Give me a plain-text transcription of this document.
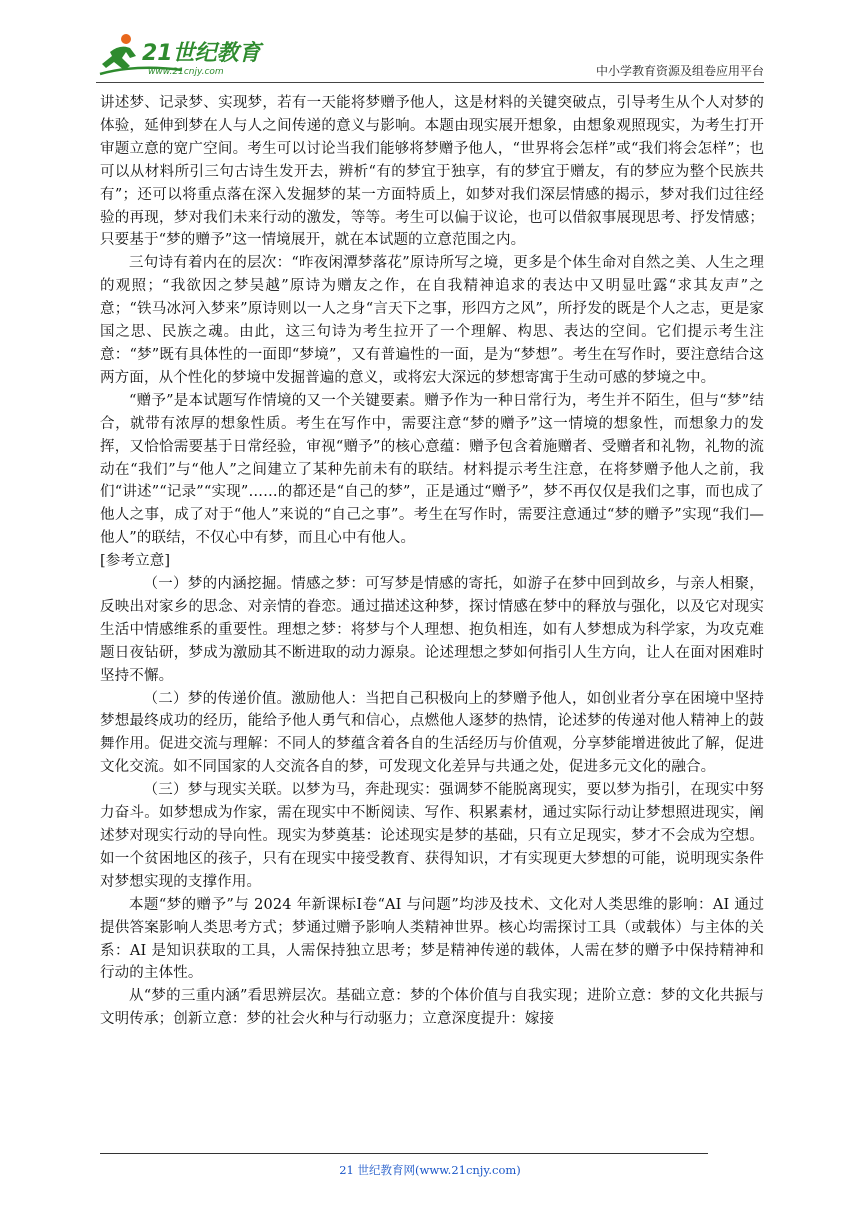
21世纪教育
www.21cnjy.com	中小学教育资源及组卷应用平台

讲述梦、记录梦、实现梦，若有一天能将梦赠予他人，这是材料的关键突破点，引导考生从个人对梦的体验，延伸到梦在人与人之间传递的意义与影响。本题由现实展开想象，由想象观照现实，为考生打开审题立意的宽广空间。考生可以讨论当我们能够将梦赠予他人，“世界将会怎样”或“我们将会怎样”；也可以从材料所引三句古诗生发开去，辨析“有的梦宜于独享，有的梦宜于赠友，有的梦应为整个民族共有”；还可以将重点落在深入发掘梦的某一方面特质上，如梦对我们深层情感的揭示，梦对我们过往经验的再现，梦对我们未来行动的激发，等等。考生可以偏于议论，也可以借叙事展现思考、抒发情感；只要基于“梦的赠予”这一情境展开，就在本试题的立意范围之内。

三句诗有着内在的层次：“昨夜闲潭梦落花”原诗所写之境，更多是个体生命对自然之美、人生之理的观照；“我欲因之梦吴越”原诗为赠友之作，在自我精神追求的表达中又明显吐露“求其友声”之意；“铁马冰河入梦来”原诗则以一人之身“言天下之事，形四方之风”，所抒发的既是个人之志，更是家国之思、民族之魂。由此，这三句诗为考生拉开了一个理解、构思、表达的空间。它们提示考生注意：“梦”既有具体性的一面即“梦境”，又有普遍性的一面，是为“梦想”。考生在写作时，要注意结合这两方面，从个性化的梦境中发掘普遍的意义，或将宏大深远的梦想寄寓于生动可感的梦境之中。

“赠予”是本试题写作情境的又一个关键要素。赠予作为一种日常行为，考生并不陌生，但与“梦”结合，就带有浓厚的想象性质。考生在写作中，需要注意“梦的赠予”这一情境的想象性，而想象力的发挥，又恰恰需要基于日常经验，审视“赠予”的核心意蕴：赠予包含着施赠者、受赠者和礼物，礼物的流动在“我们”与“他人”之间建立了某种先前未有的联结。材料提示考生注意，在将梦赠予他人之前，我们“讲述”“记录”“实现”……的都还是“自己的梦”，正是通过“赠予”，梦不再仅仅是我们之事，而也成了他人之事，成了对于“他人”来说的“自己之事”。考生在写作时，需要注意通过“梦的赠予”实现“我们—他人”的联结，不仅心中有梦，而且心中有他人。

[参考立意]

（一）梦的内涵挖掘。情感之梦：可写梦是情感的寄托，如游子在梦中回到故乡，与亲人相聚，反映出对家乡的思念、对亲情的眷恋。通过描述这种梦，探讨情感在梦中的释放与强化，以及它对现实生活中情感维系的重要性。理想之梦：将梦与个人理想、抱负相连，如有人梦想成为科学家，为攻克难题日夜钻研，梦成为激励其不断进取的动力源泉。论述理想之梦如何指引人生方向，让人在面对困难时坚持不懈。

（二）梦的传递价值。激励他人：当把自己积极向上的梦赠予他人，如创业者分享在困境中坚持梦想最终成功的经历，能给予他人勇气和信心，点燃他人逐梦的热情，论述梦的传递对他人精神上的鼓舞作用。促进交流与理解：不同人的梦蕴含着各自的生活经历与价值观，分享梦能增进彼此了解，促进文化交流。如不同国家的人交流各自的梦，可发现文化差异与共通之处，促进多元文化的融合。

（三）梦与现实关联。以梦为马，奔赴现实：强调梦不能脱离现实，要以梦为指引，在现实中努力奋斗。如梦想成为作家，需在现实中不断阅读、写作、积累素材，通过实际行动让梦想照进现实，阐述梦对现实行动的导向性。现实为梦奠基：论述现实是梦的基础，只有立足现实，梦才不会成为空想。如一个贫困地区的孩子，只有在现实中接受教育、获得知识，才有实现更大梦想的可能，说明现实条件对梦想实现的支撑作用。

本题“梦的赠予”与 2024 年新课标Ⅰ卷“AI 与问题”均涉及技术、文化对人类思维的影响：AI 通过提供答案影响人类思考方式；梦通过赠予影响人类精神世界。核心均需探讨工具（或载体）与主体的关系：AI 是知识获取的工具，人需保持独立思考；梦是精神传递的载体，人需在梦的赠予中保持精神和行动的主体性。

从“梦的三重内涵”看思辨层次。基础立意：梦的个体价值与自我实现；进阶立意：梦的文化共振与文明传承；创新立意：梦的社会火种与行动驱力；立意深度提升：嫁接

21 世纪教育网(www.21cnjy.com)
